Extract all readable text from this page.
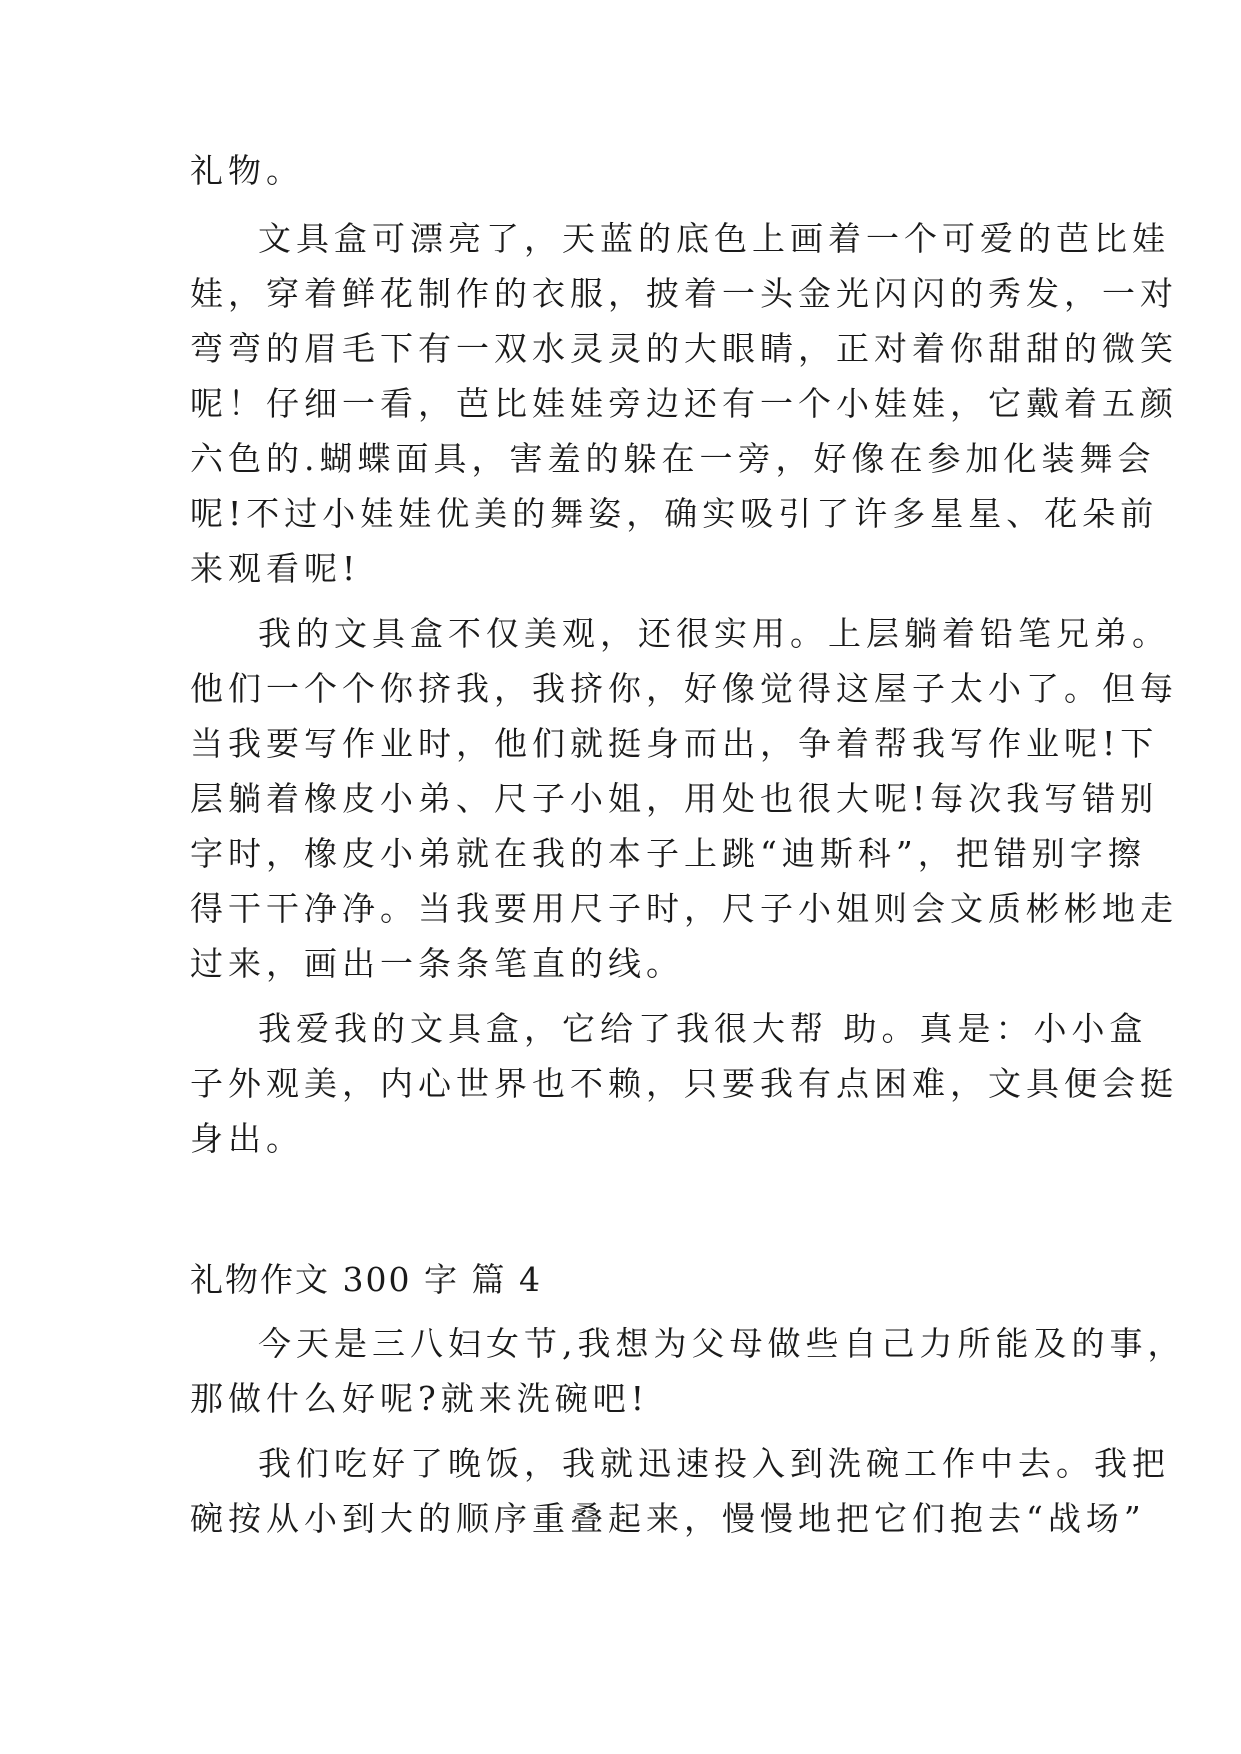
礼物。
文具盒可漂亮了，天蓝的底色上画着一个可爱的芭比娃
娃，穿着鲜花制作的衣服，披着一头金光闪闪的秀发，一对
弯弯的眉毛下有一双水灵灵的大眼睛，正对着你甜甜的微笑
呢！仔细一看，芭比娃娃旁边还有一个小娃娃，它戴着五颜
六色的.蝴蝶面具，害羞的躲在一旁，好像在参加化装舞会
呢!不过小娃娃优美的舞姿，确实吸引了许多星星、花朵前
来观看呢!
我的文具盒不仅美观，还很实用。上层躺着铅笔兄弟。
他们一个个你挤我，我挤你，好像觉得这屋子太小了。但每
当我要写作业时，他们就挺身而出，争着帮我写作业呢!下
层躺着橡皮小弟、尺子小姐，用处也很大呢!每次我写错别
字时，橡皮小弟就在我的本子上跳“迪斯科”，把错别字擦
得干干净净。当我要用尺子时，尺子小姐则会文质彬彬地走
过来，画出一条条笔直的线。
我爱我的文具盒，它给了我很大帮 助。真是：小小盒
子外观美，内心世界也不赖，只要我有点困难，文具便会挺
身出。
礼物作文 300 字 篇 4
今天是三八妇女节,我想为父母做些自己力所能及的事，
那做什么好呢?就来洗碗吧!
我们吃好了晚饭，我就迅速投入到洗碗工作中去。我把
碗按从小到大的顺序重叠起来，慢慢地把它们抱去“战场”
